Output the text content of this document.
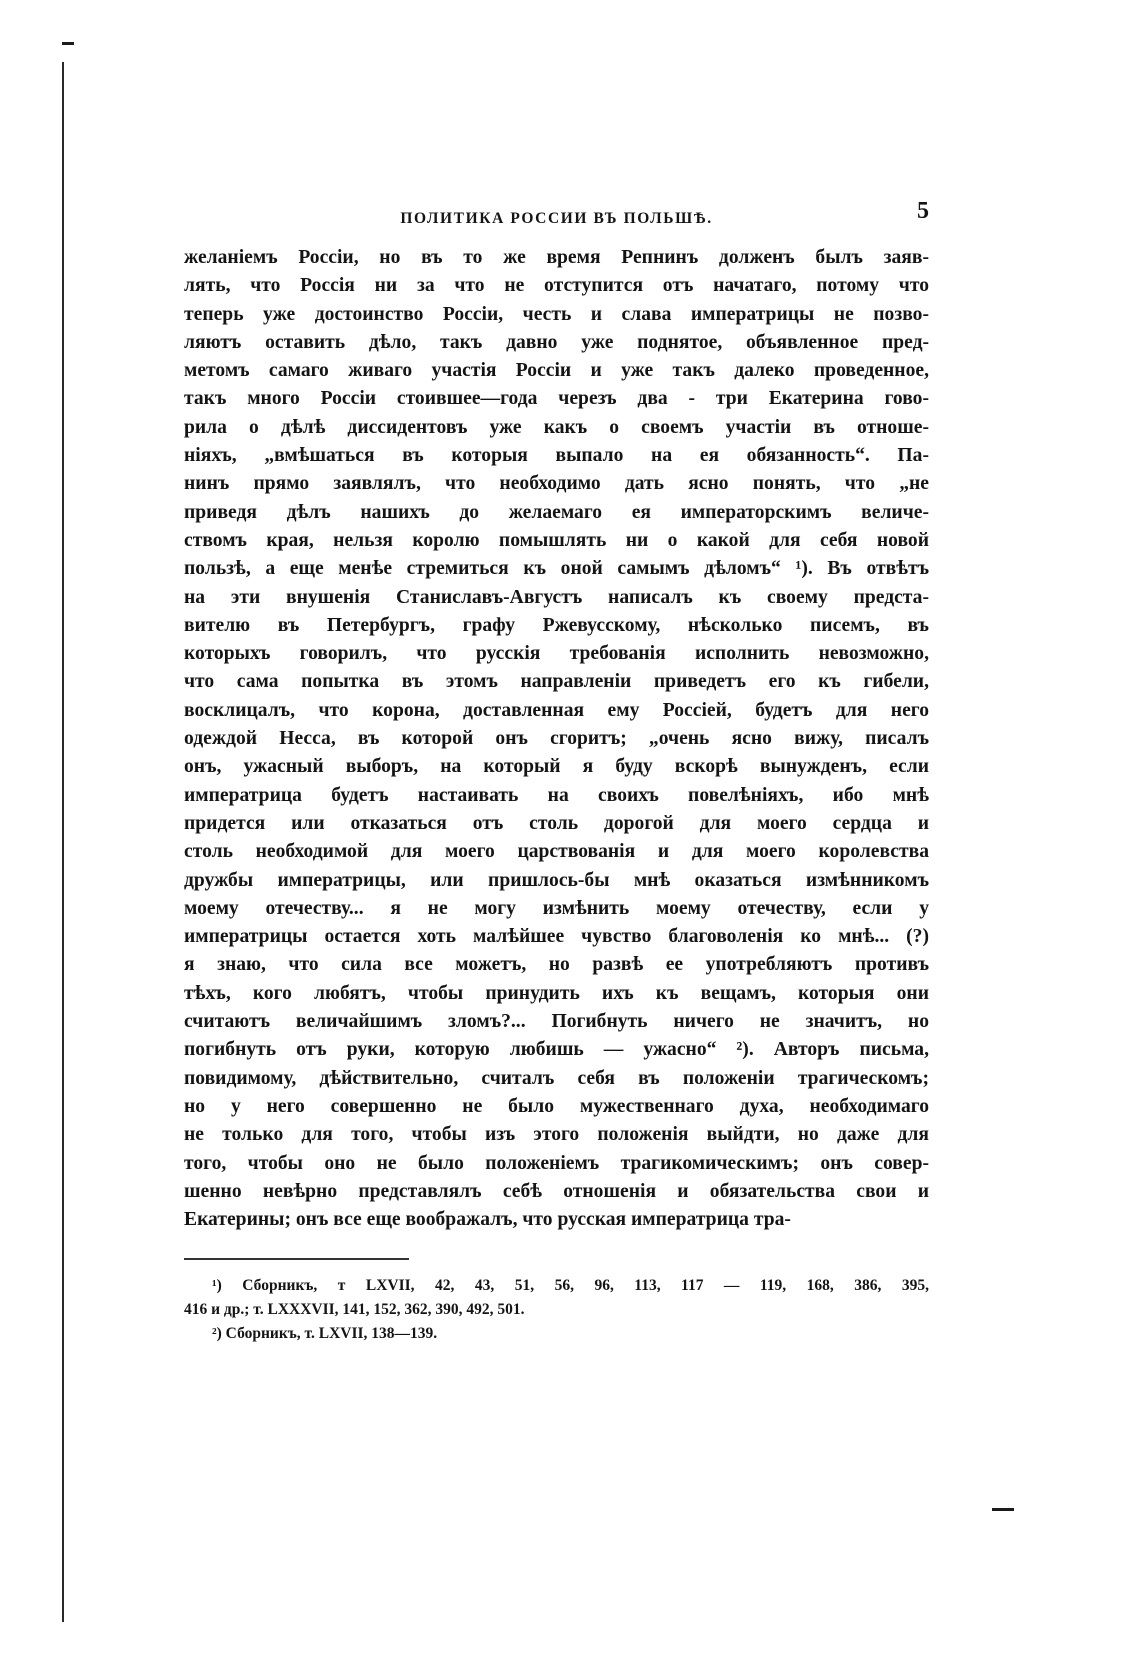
ПОЛИТИКА РОССИИ ВЪ ПОЛЬШѢ.	5
желаніемъ Россіи, но въ то же время Репнинъ долженъ былъ заяв-
лять, что Россія ни за что не отступится отъ начатаго, потому что
теперь уже достоинство Россіи, честь и слава императрицы не позво-
ляютъ оставить дѣло, такъ давно уже поднятое, объявленное пред-
метомъ самаго живаго участія Россіи и уже такъ далеко проведенное,
такъ много Россіи стоившее—года черезъ два - три Екатерина гово-
рила о дѣлѣ диссидентовъ уже какъ о своемъ участіи въ отноше-
ніяхъ, „вмѣшаться въ которыя выпало на ея обязанность“. Па-
нинъ прямо заявлялъ, что необходимо дать ясно понять, что „не
приведя дѣлъ нашихъ до желаемаго ея императорскимъ величе-
ствомъ края, нельзя королю помышлять ни о какой для себя новой
пользѣ, а еще менѣе стремиться къ оной самымъ дѣломъ“ ¹). Въ отвѣтъ
на эти внушенія Станиславъ-Августъ написалъ къ своему предста-
вителю въ Петербургъ, графу Ржевусскому, нѣсколько писемъ, въ
которыхъ говорилъ, что русскія требованія исполнить невозможно,
что сама попытка въ этомъ направленіи приведетъ его къ гибели,
восклицалъ, что корона, доставленная ему Россіей, будетъ для него
одеждой Несса, въ которой онъ сгоритъ; „очень ясно вижу, писалъ
онъ, ужасный выборъ, на который я буду вскорѣ вынужденъ, если
императрица будетъ настаивать на своихъ повелѣніяхъ, ибо мнѣ
придется или отказаться отъ столь дорогой для моего сердца и
столь необходимой для моего царствованія и для моего королевства
дружбы императрицы, или пришлось-бы мнѣ оказаться измѣнникомъ
моему отечеству... я не могу измѣнить моему отечеству, если у
императрицы остается хоть малѣйшее чувство благоволенія ко мнѣ... (?)
я знаю, что сила все можетъ, но развѣ ее употребляютъ противъ
тѣхъ, кого любятъ, чтобы принудить ихъ къ вещамъ, которыя они
считаютъ величайшимъ зломъ?... Погибнуть ничего не значитъ, но
погибнуть отъ руки, которую любишь — ужасно“ ²). Авторъ письма,
повидимому, дѣйствительно, считалъ себя въ положеніи трагическомъ;
но у него совершенно не было мужественнаго духа, необходимаго
не только для того, чтобы изъ этого положенія выйдти, но даже для
того, чтобы оно не было положеніемъ трагикомическимъ; онъ совер-
шенно невѣрно представлялъ себѣ отношенія и обязательства свои и
Екатерины; онъ все еще воображалъ, что русская императрица тра-
¹) Сборникъ, т LXVII, 42, 43, 51, 56, 96, 113, 117 — 119, 168, 386, 395,
416 и др.; т. LXXXVII, 141, 152, 362, 390, 492, 501.
²) Сборникъ, т. LXVII, 138—139.
